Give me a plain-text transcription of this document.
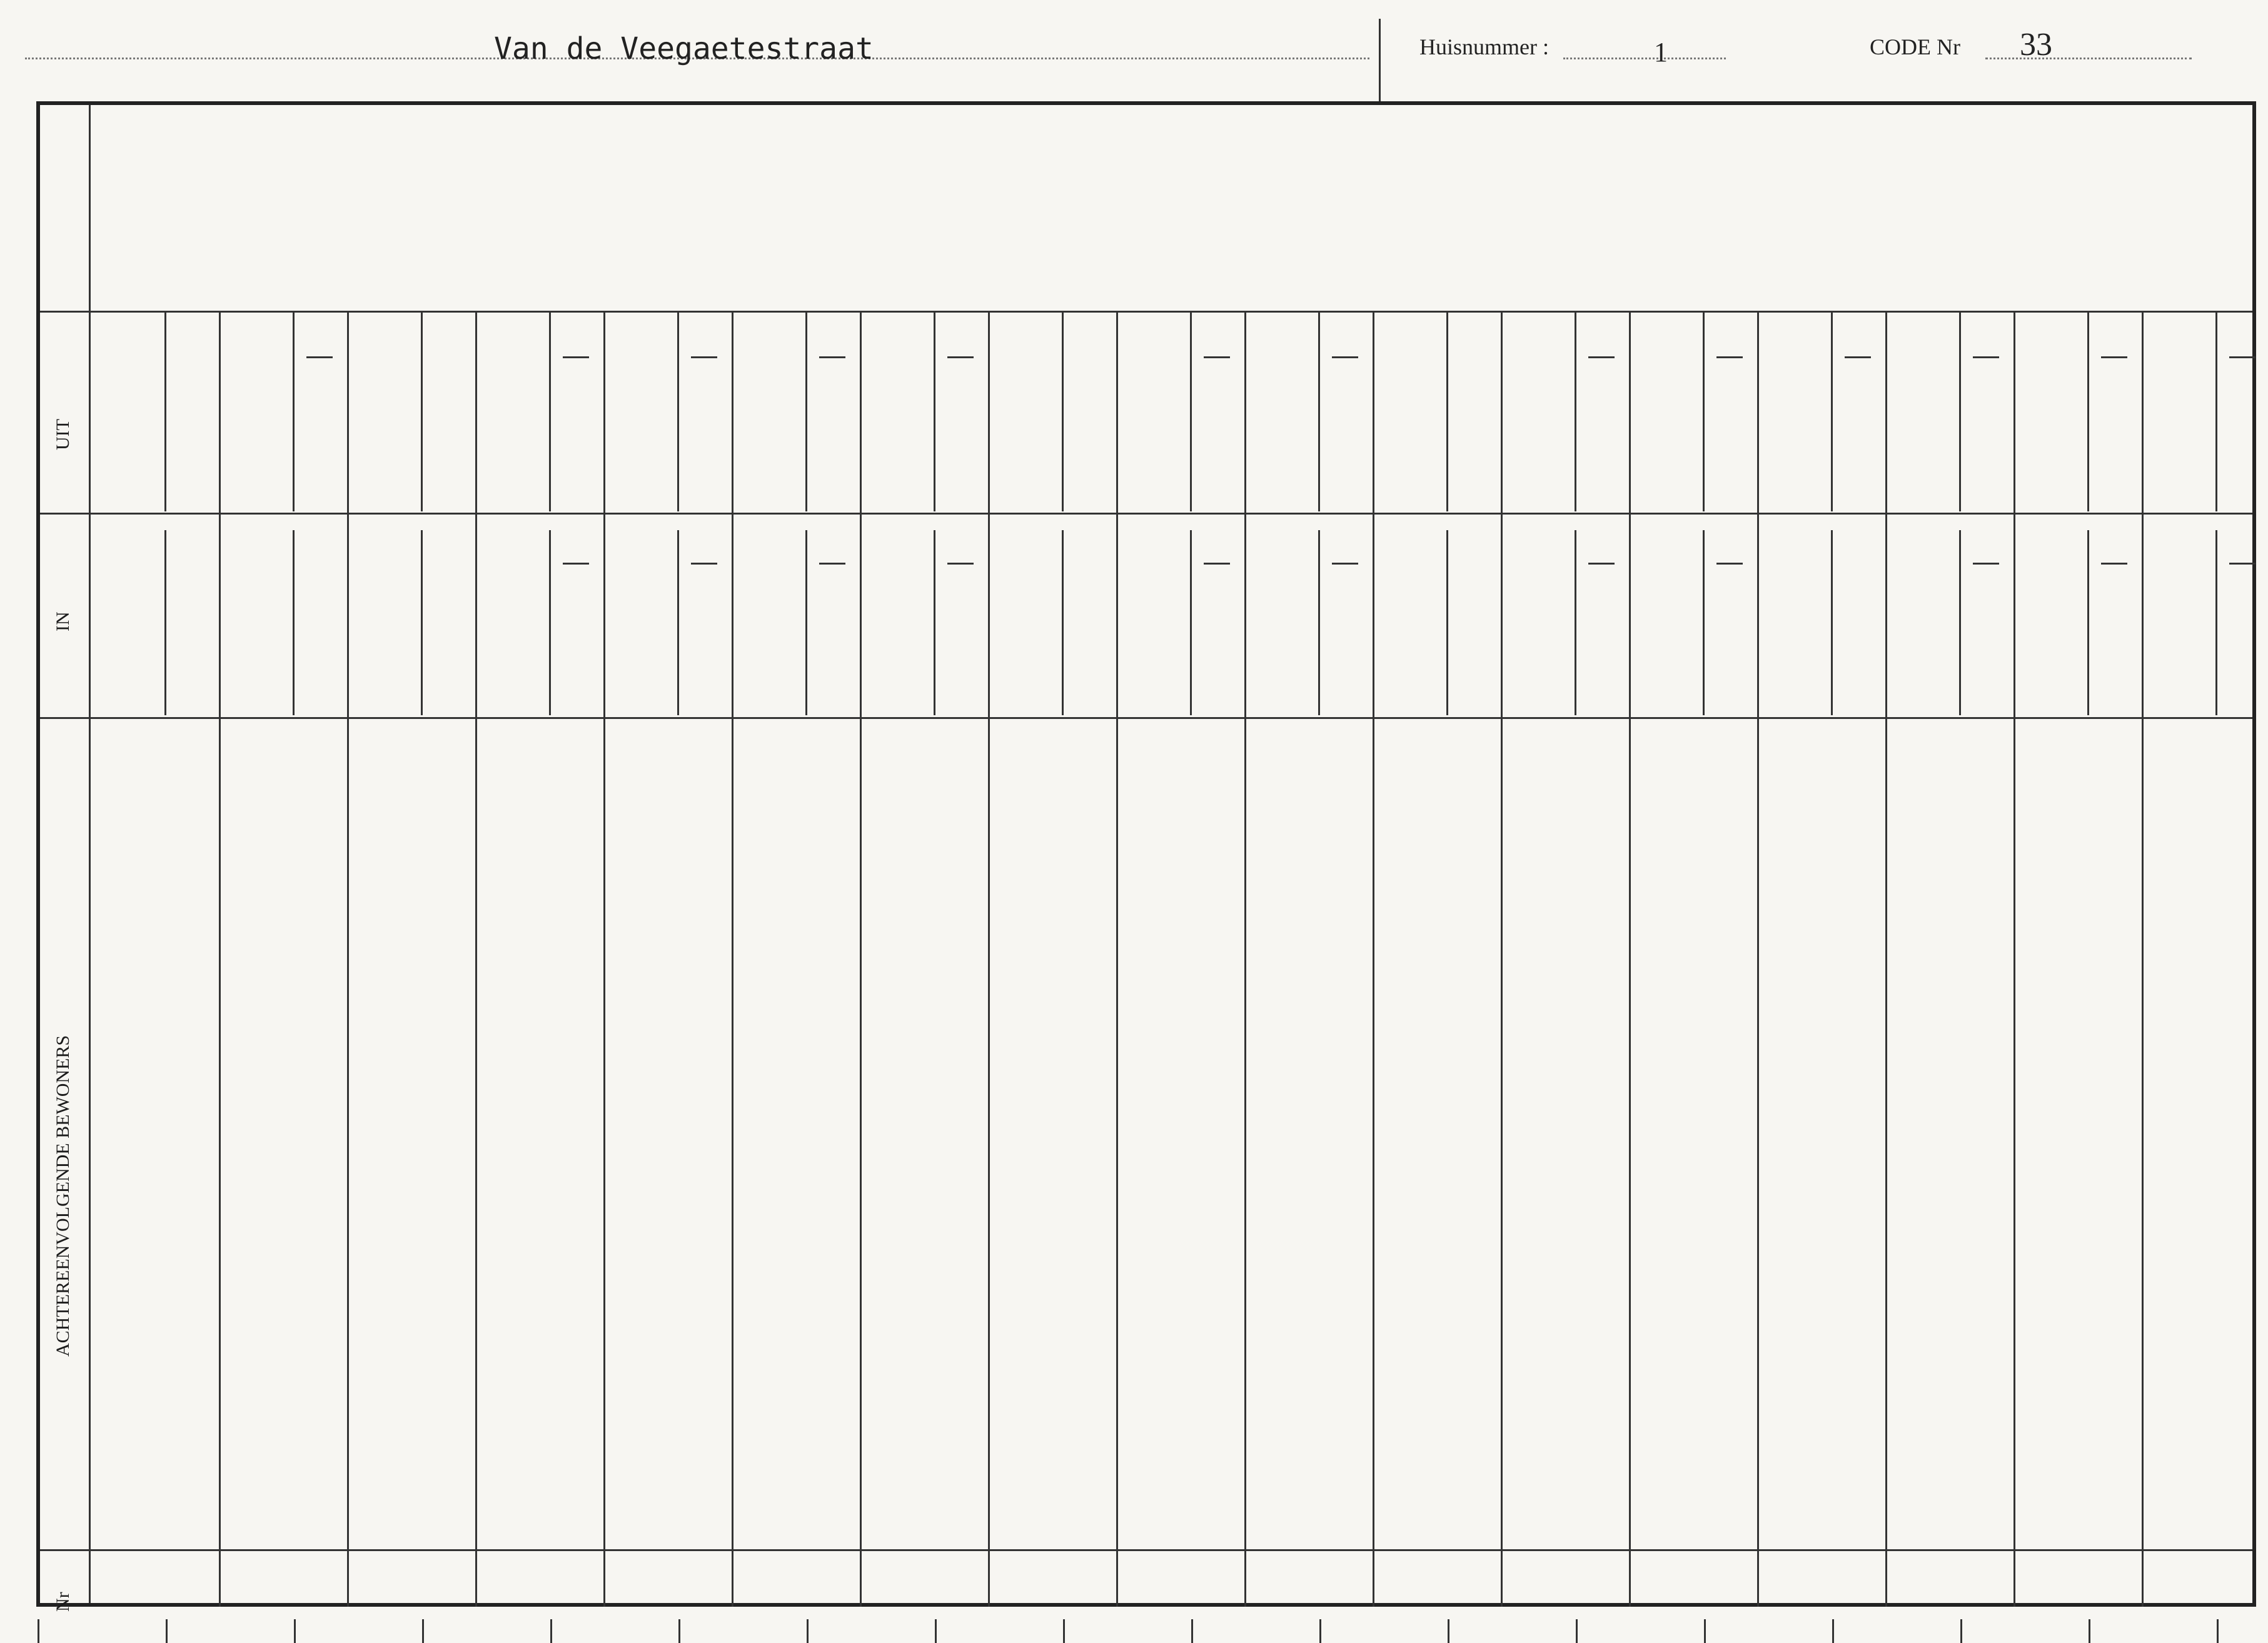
Van de Veegaetestraat	Huisnummer :	1	CODE Nr 33
Nr
ACHTEREENVOLGENDE BEWONERS
IN
UIT
